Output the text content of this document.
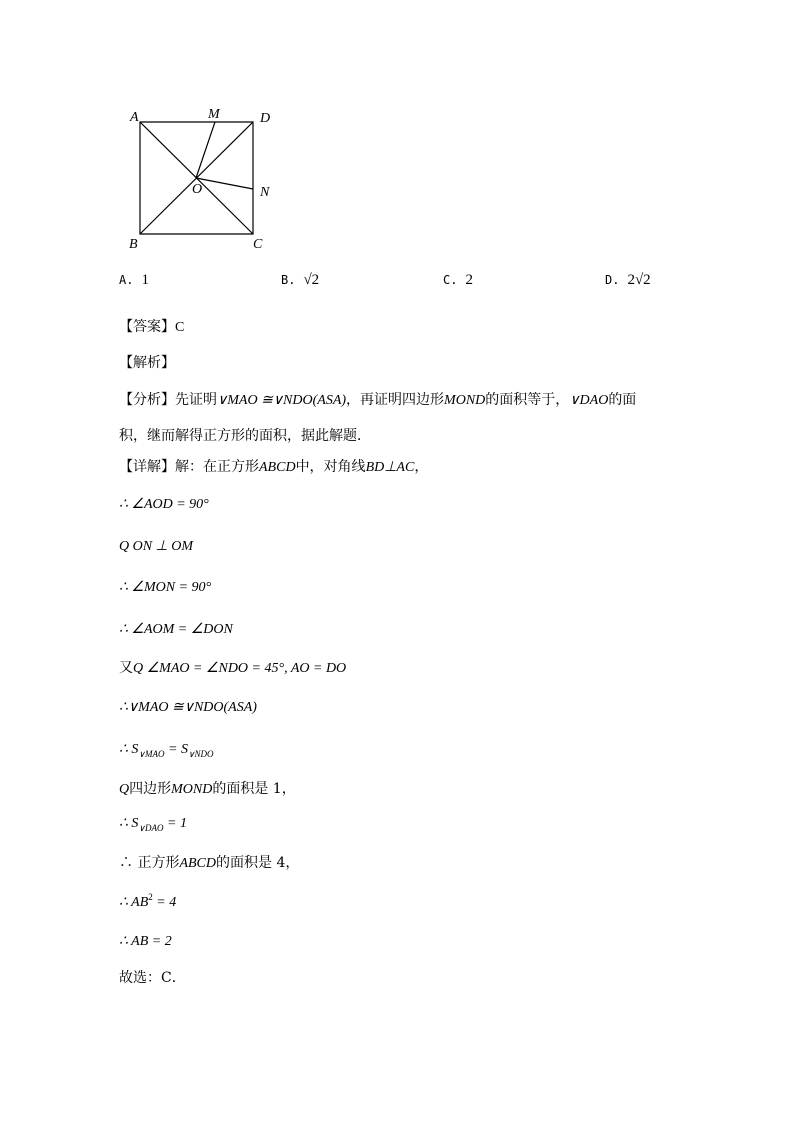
A	M	D
O	N
B	C
A. 1	B. √2	C. 2	D. 2√2
【答案】C
【解析】
【分析】先证明∨MAO ≅∨NDO(ASA)，再证明四边形MOND的面积等于，∨DAO的面
积，继而解得正方形的面积，据此解题．
【详解】解：在正方形ABCD中，对角线BD⊥AC，
∴ ∠AOD = 90°
Q ON ⊥ OM
∴ ∠MON = 90°
∴ ∠AOM = ∠DON
又Q ∠MAO = ∠NDO = 45°, AO = DO
∴∨MAO ≅∨NDO(ASA)
∴ $S_{\vee MAO} = S_{\vee NDO}$
Q四边形MOND的面积是 1，
∴ $S_{\vee DAO} = 1$
∴ 正方形ABCD的面积是 4，
∴ $AB^2 = 4$
∴ AB = 2
故选：C．
